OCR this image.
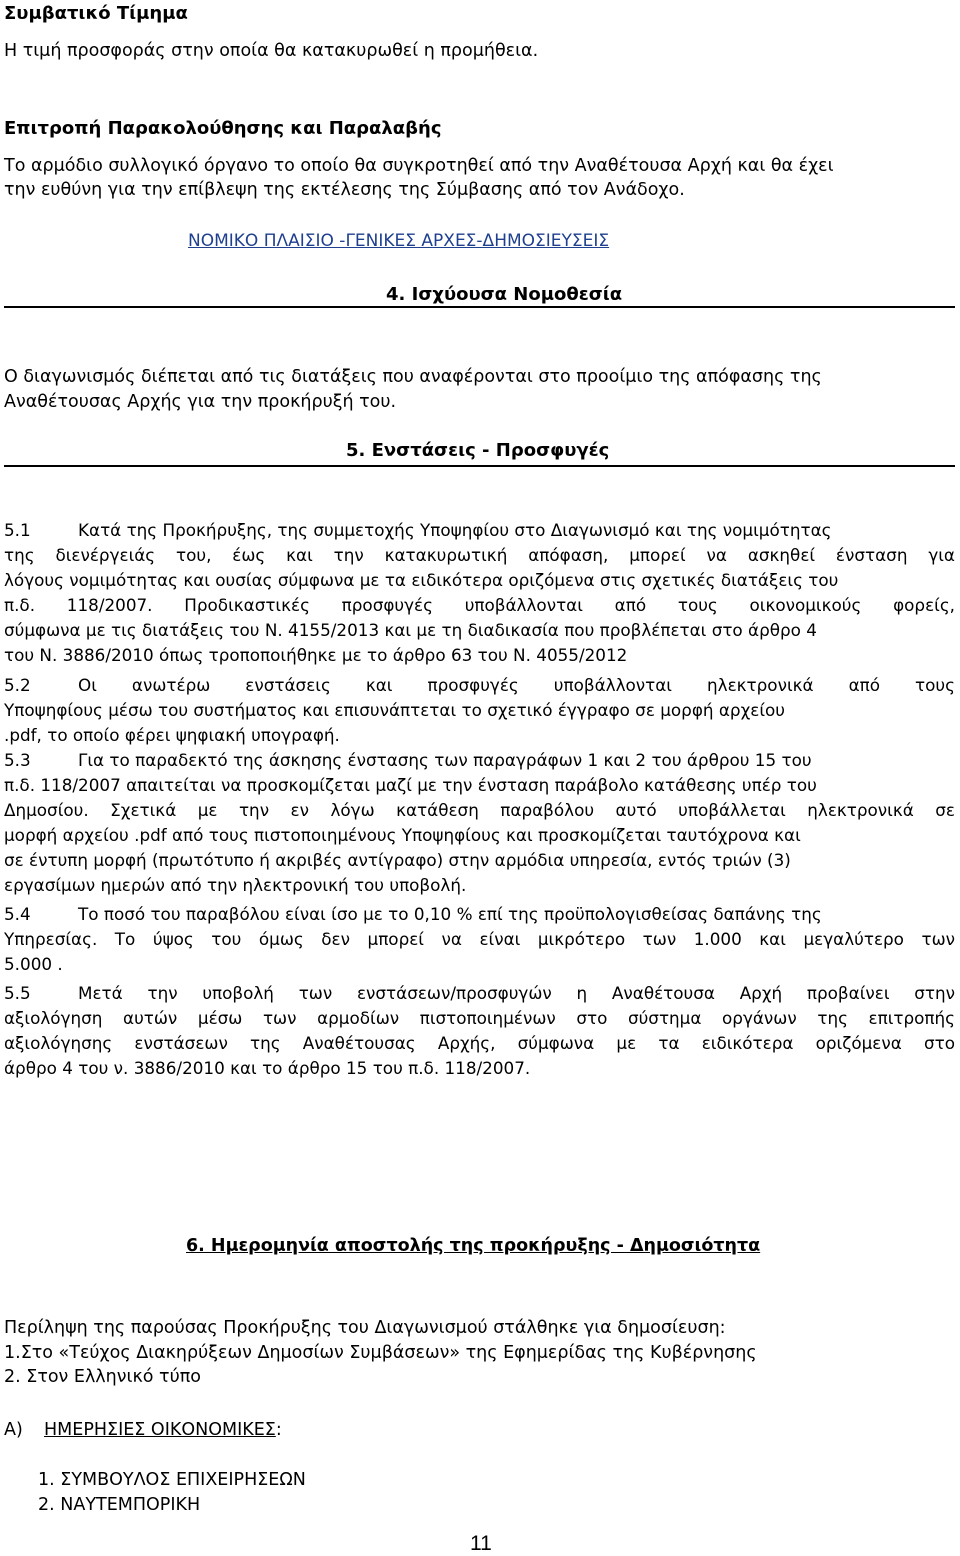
Συμβατικό Τίμημα
Η τιμή προσφοράς στην οποία θα κατακυρωθεί η προμήθεια.
Επιτροπή Παρακολούθησης και Παραλαβής
Το αρμόδιο συλλογικό όργανο το οποίο θα συγκροτηθεί από την Αναθέτουσα Αρχή και θα έχει
την ευθύνη για την επίβλεψη της εκτέλεσης της Σύμβασης από τον Ανάδοχο.
ΝΟΜΙΚΟ ΠΛΑΙΣΙΟ -ΓΕΝΙΚΕΣ ΑΡΧΕΣ-ΔΗΜΟΣΙΕΥΣΕΙΣ
4. Ισχύουσα Νομοθεσία
Ο διαγωνισμός διέπεται από τις διατάξεις που αναφέρονται στο προοίμιο της απόφασης της
Αναθέτουσας Αρχής για την προκήρυξή του.
5. Ενστάσεις - Προσφυγές
5.1	Κατά της Προκήρυξης, της συμμετοχής Υποψηφίου στο Διαγωνισμό και της νομιμότητας
της διενέργειάς του, έως και την κατακυρωτική απόφαση, μπορεί να ασκηθεί ένσταση για
λόγους νομιμότητας και ουσίας σύμφωνα με τα ειδικότερα οριζόμενα στις σχετικές διατάξεις του
π.δ. 118/2007. Προδικαστικές προσφυγές υποβάλλονται από τους οικονομικούς φορείς,
σύμφωνα με τις διατάξεις του Ν. 4155/2013 και με τη διαδικασία που προβλέπεται στο άρθρο 4
του Ν. 3886/2010 όπως τροποποιήθηκε με το άρθρο 63 του Ν. 4055/2012
5.2	Οι ανωτέρω ενστάσεις και προσφυγές υποβάλλονται ηλεκτρονικά από τους
Υποψηφίους μέσω του συστήματος και επισυνάπτεται το σχετικό έγγραφο σε μορφή αρχείου
.pdf, το οποίο φέρει ψηφιακή υπογραφή.
5.3	Για το παραδεκτό της άσκησης ένστασης των παραγράφων 1 και 2 του άρθρου 15 του
π.δ. 118/2007 απαιτείται να προσκομίζεται μαζί με την ένσταση παράβολο κατάθεσης υπέρ του
Δημοσίου. Σχετικά με την εν λόγω κατάθεση παραβόλου αυτό υποβάλλεται ηλεκτρονικά σε
μορφή αρχείου .pdf από τους πιστοποιημένους Υποψηφίους και προσκομίζεται ταυτόχρονα και
σε έντυπη μορφή (πρωτότυπο ή ακριβές αντίγραφο) στην αρμόδια υπηρεσία, εντός τριών (3)
εργασίμων ημερών από την ηλεκτρονική του υποβολή.
5.4	Το ποσό του παραβόλου είναι ίσο με το 0,10 % επί της προϋπολογισθείσας δαπάνης της
Υπηρεσίας. Το ύψος του όμως δεν μπορεί να είναι μικρότερο των 1.000 και μεγαλύτερο των
5.000 .
5.5	Μετά την υποβολή των ενστάσεων/προσφυγών η Αναθέτουσα Αρχή προβαίνει στην
αξιολόγηση αυτών μέσω των αρμοδίων πιστοποιημένων στο σύστημα οργάνων της επιτροπής
αξιολόγησης ενστάσεων της Αναθέτουσας Αρχής, σύμφωνα με τα ειδικότερα οριζόμενα στο
άρθρο 4 του ν. 3886/2010 και το άρθρο 15 του π.δ. 118/2007.
6. Ημερομηνία αποστολής της προκήρυξης - Δημοσιότητα
Περίληψη της παρούσας Προκήρυξης του Διαγωνισμού στάλθηκε για δημοσίευση:
1.Στο «Τεύχος Διακηρύξεων Δημοσίων Συμβάσεων» της Εφημερίδας της Κυβέρνησης
2. Στον Ελληνικό τύπο
Α) ΗΜΕΡΗΣΙΕΣ ΟΙΚΟΝΟΜΙΚΕΣ:
1. ΣΥΜΒΟΥΛΟΣ ΕΠΙΧΕΙΡΗΣΕΩΝ
2. ΝΑΥΤΕΜΠΟΡΙΚΗ
11
